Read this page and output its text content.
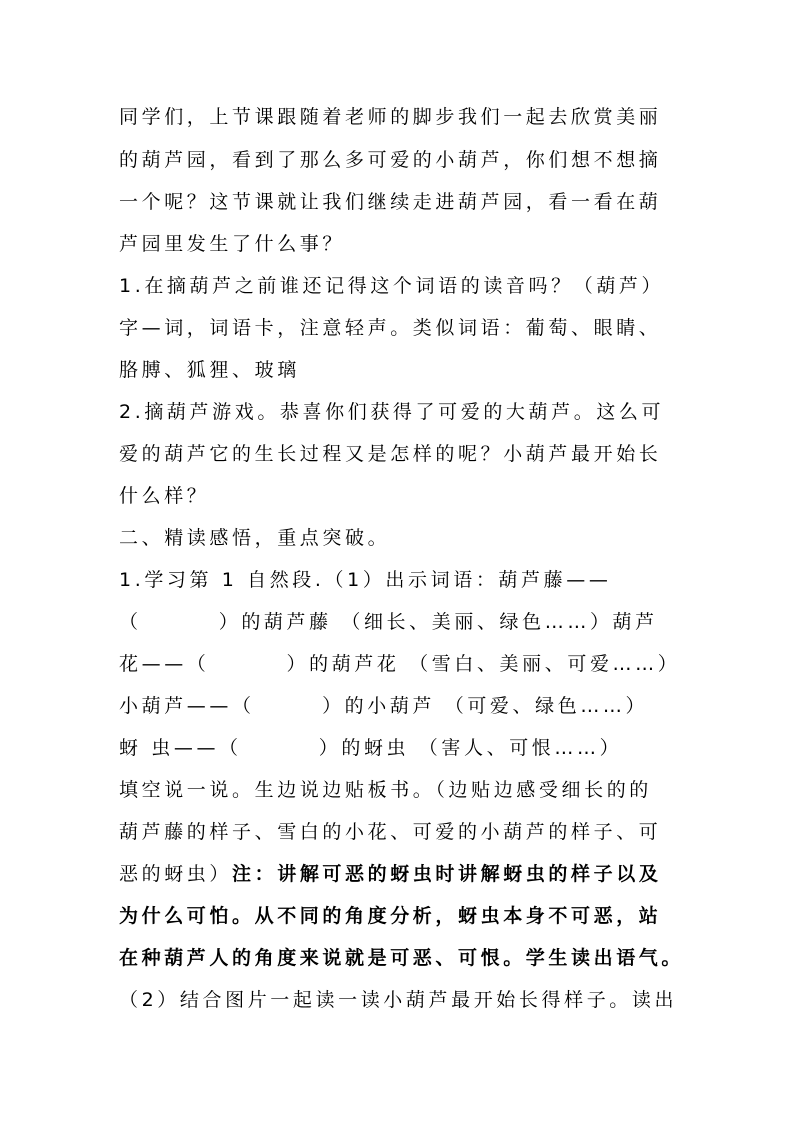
同学们，上节课跟随着老师的脚步我们一起去欣赏美丽
的葫芦园，看到了那么多可爱的小葫芦，你们想不想摘
一个呢？这节课就让我们继续走进葫芦园，看一看在葫
芦园里发生了什么事？
1.在摘葫芦之前谁还记得这个词语的读音吗？（葫芦）
字—词，词语卡，注意轻声。类似词语：葡萄、眼睛、
胳膊、狐狸、玻璃
2.摘葫芦游戏。恭喜你们获得了可爱的大葫芦。这么可
爱的葫芦它的生长过程又是怎样的呢？小葫芦最开始长
什么样？
二、精读感悟，重点突破。
1.学习第 1 自然段.（1）出示词语：葫芦藤——
（        ）的葫芦藤 （细长、美丽、绿色……）葫芦
花——（        ）的葫芦花 （雪白、美丽、可爱……）
小葫芦——（       ）的小葫芦 （可爱、绿色……）
蚜 虫——（        ）的蚜虫 （害人、可恨……）
填空说一说。生边说边贴板书。（边贴边感受细长的的
葫芦藤的样子、雪白的小花、可爱的小葫芦的样子、可
恶的蚜虫）注：讲解可恶的蚜虫时讲解蚜虫的样子以及
为什么可怕。从不同的角度分析，蚜虫本身不可恶，站
在种葫芦人的角度来说就是可恶、可恨。学生读出语气。
（2）结合图片一起读一读小葫芦最开始长得样子。读出
